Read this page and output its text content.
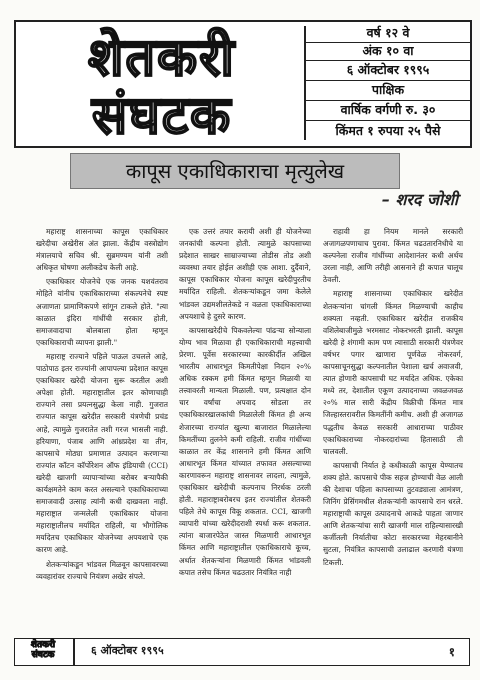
शेतकरी
संघटक
वर्ष १२ वे
अंक १० वा
६ ऑक्टोबर १९९५
पाक्षिक
वार्षिक वर्गणी रु. ३०
किंमत १ रुपया २५ पैसे
कापूस एकाधिकाराचा मृत्युलेख
– शरद जोशी

महाराष्ट्र शासनाच्या कापूस एकाधिकार खरेदीचा अखेरीस अंत झाला. केंद्रीय वस्त्रोद्योग मंत्रालयाचे सचिव श्री. सुब्रमण्यम यांनी तशी अधिकृत घोषणा अलीकडेच केली आहे.

एकाधिकार योजनेचे एक जनक यशवंतराव मोहिते यांनीच एकाधिकाराच्या संकल्पनेचे स्पष्ट अजाणता प्रामाणिकपणे सांगून टाकले होते. "त्या काळात इंदिरा गांधींची सरकार होती, समाजवादाचा बोलबाला होता म्हणून एकाधिकाराची व्यापना झाली."

महाराष्ट्र राज्याने पहिले पाऊल उचलले आहे, पाठोपाठ इतर राज्यांनी आपापल्या प्रदेशात कापूस एकाधिकार खरेदी योजना सुरू करतील अशी अपेक्षा होती. महाराष्ट्रातील इतर कोणाचाही राज्याने तसा प्रयत्नसुद्धा केला नाही. गुजरात राज्यात कापूस खरेदीत सरकारी यंत्रणेची प्रचंड आहे, त्यामुळे गुजरातेत तशी गरज भासली नाही. हरियाणा, पंजाब आणि आंध्रप्रदेश या तीन, कापसाचे मोठ्या प्रमाणात उत्पादन करणाऱ्या राज्यांत कॉटन कॉर्पोरेशन ऑफ इंडियाची (CCI) खरेदी खाजगी व्यापाऱ्यांच्या बरोबर बऱ्यापैकी कार्यक्षमतेने काम करत असल्याने एकाधिकाराच्या समाजवादी उत्साह त्यांनी कधी दाखवला नाही. महाराष्ट्रात जन्मलेली एकाधिकार योजना महाराष्ट्रातीलच मर्यादित राहिली, या भौगोलिक मर्यादेतच एकाधिकार योजनेच्या अपयशाचे एक कारण आहे.

शेतकऱ्यांकडून भांडवल मिळवून कापसावरच्या व्यवहारांवर राज्याचे नियंत्रण अखेर संपले.

एक उत्तरं तयार करायी अशी ही योजनेच्या जनकांची कल्पना होती. त्यामुळे कापसाच्या प्रदेशात साखर साम्राज्याच्या तोडीस तोड अशी व्यवस्था तयार होईल अशीही एक आशा. दुर्दैवाने, कापूस एकाधिकार योजना कापूस खरेदीपुरतीच मर्यादित राहिली. शेतकऱ्यांकडून जमा केलेले भांडवल उद्यमशीलतेकडे न वळता एकाधिकाराच्या अपयशाचे हे दुसरे कारण.

कापसाखरेदीचे पिकवलेल्या पांढऱ्या सोन्याला योग्य भाव मिळावा ही एकाधिकाराची महत्त्वाची प्रेरणा. पूर्वेस सरकारच्या कारकीर्दीत अखिल भारतीय आधारभूत किमतीपेक्षा निदान २०% अधिक रक्कम हमी किंमत म्हणून मिळायी या तत्त्वावरती मान्यता मिळाली. पण, प्रत्यक्षात दोन चार वर्षांचा अपवाद सोडला तर एकाधिकारखालकांची मिळालेली किंमत ही अन्य शेजारच्या राज्यांत खुल्या बाजारात मिळालेल्या किमतींच्या तुलनेने कमी राहिली. राजीव गांधींच्या काळात तर केंद्र शासनाने हमी किंमत आणि आधारभूत किंमत यांच्यात तफावत असल्याच्या कारणावरून महाराष्ट्र शासनावर लादला, त्यामुळे, एकाधिकार खरेदीची कल्पनाच निरर्थक ठरली होती. महाराष्ट्राबरोबरच इतर राज्यांतील शेतकरी पहिले तेथे कापूस विकू शकतात. CCI, खाजगी व्यापारी यांच्या खरेदीदराशी स्पर्धा करू शकतात. त्यांना बाजारपेठेत जास्त मिळणारी आधारभूत किंमत आणि महाराष्ट्रातील एकाधिकाराचे कूच्च, अर्थात शेतकऱ्यांना मिळणारी किंमत भांडवली कपात तसेच किंमत चढउतार नियंत्रित नाही

राहावी हा नियम मानले सरकारी अजागळपणाचाच पुरावा. किंमत चढउतारनिधीचे या कल्पनेला राजीव गांधींच्या आदेशानंतर कधी अर्थच उरला नाही, आणि तरीही आसनाने ही कपात चालूच ठेवली.

महाराष्ट्र शासनाच्या एकाधिकार खरेदीत शेतकऱ्यांना चांगली किंमत मिळण्याची काहीच शक्यता नव्हती. एकाधिकार खरेदीत राजकीय वशिलेबाजीमुळे भरमसाट नोकरभरती झाली. कापूस खरेदी हे शंगामी काम पण त्यासाठी सरकारी यंत्रणेवर वर्षभर पगार खाणारा पूर्णवेळ नोकरवर्ग, कापसाचूनसुद्धा कल्पनातील पेशाला खर्च अवाजवी, त्यात होणारी कापसाची घट मर्यादेत अधिक. एकेका मध्ये तर, देशातील एकूण उत्पादनाच्या जवळजवळ २०% माल सारी केंद्रीय विक्रीची किंमत मात्र जिल्हास्तरावरील किमतींनी कमीच. अशी ही अजागळ पद्धतीच केवळ सरकारी आधाराच्या पाठीवर एकाधिकाराच्या नोकरदारांच्या हितासाठी ती चालवली.

कापसाची निर्यात हे कधीकाळी कापूस येण्यातच शक्य होते. कापसाचे पीक सहज होण्याची वेळ आली की देशाचा पहिला कापसाच्या तुटवड्याला आमंत्रण, जिनिंग प्रेसिंगमधील शेतकऱ्यांनी कापसाचे रान धरले. महाराष्ट्राची कापूस उत्पादनाचे आकडे पाहता जाणार आणि शेतकऱ्यांचा सारी खाजगी माल राहिल्यासारखी कर्जीतली निर्यातीचा कोटा सरकारच्या मेहरबानीने सुटला, नियंत्रित कापसाची उलाढाल करणारी यंत्रणा टिकली.

शेतकरी
संघटक	६ ऑक्टोबर १९९५	१
